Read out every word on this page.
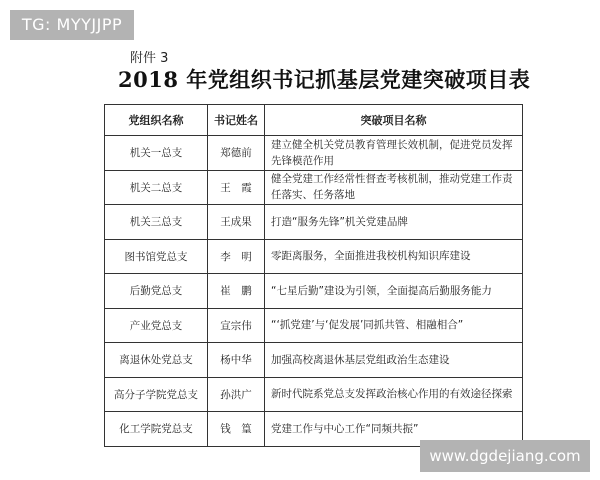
TG: MYYJJPP
附件 3
2018 年党组织书记抓基层党建突破项目表
党组织名称	书记姓名	突破项目名称
机关一总支	郑德前	建立健全机关党员教育管理长效机制，促进党员发挥先锋模范作用
机关二总支	王　霞	健全党建工作经常性督查考核机制，推动党建工作责任落实、任务落地
机关三总支	王成果	打造“服务先锋”机关党建品牌
图书馆党总支	李　明	零距离服务，全面推进我校机构知识库建设
后勤党总支	崔　鹏	“七星后勤”建设为引领，全面提高后勤服务能力
产业党总支	宣宗伟	“‘抓党建’与‘促发展’同抓共管、相融相合”
离退休处党总支	杨中华	加强高校离退休基层党组政治生态建设
高分子学院党总支	孙洪广	新时代院系党总支发挥政治核心作用的有效途径探索
化工学院党总支	钱　篁	党建工作与中心工作“同频共振”
www.dgdejiang.com
